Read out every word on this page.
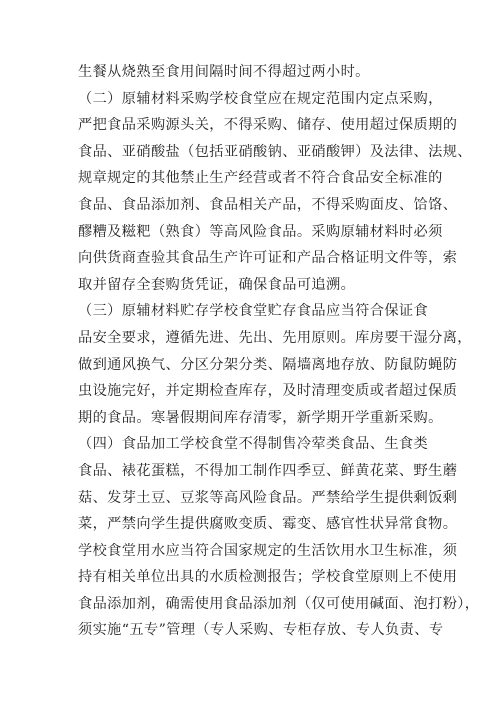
生餐从烧熟至食用间隔时间不得超过两小时。
（二）原辅材料采购学校食堂应在规定范围内定点采购，
严把食品采购源头关，不得采购、储存、使用超过保质期的
食品、亚硝酸盐（包括亚硝酸钠、亚硝酸钾）及法律、法规、
规章规定的其他禁止生产经营或者不符合食品安全标准的
食品、食品添加剂、食品相关产品，不得采购面皮、饸饹、
醪糟及糍粑（熟食）等高风险食品。采购原辅材料时必须
向供货商查验其食品生产许可证和产品合格证明文件等，索
取并留存全套购货凭证，确保食品可追溯。
（三）原辅材料贮存学校食堂贮存食品应当符合保证食
品安全要求，遵循先进、先出、先用原则。库房要干湿分离，
做到通风换气、分区分架分类、隔墙离地存放、防鼠防蝇防
虫设施完好，并定期检查库存，及时清理变质或者超过保质
期的食品。寒暑假期间库存清零，新学期开学重新采购。
（四）食品加工学校食堂不得制售冷荤类食品、生食类
食品、裱花蛋糕，不得加工制作四季豆、鲜黄花菜、野生蘑
菇、发芽土豆、豆浆等高风险食品。严禁给学生提供剩饭剩
菜，严禁向学生提供腐败变质、霉变、感官性状异常食物。
学校食堂用水应当符合国家规定的生活饮用水卫生标准，须
持有相关单位出具的水质检测报告；学校食堂原则上不使用
食品添加剂，确需使用食品添加剂（仅可使用碱面、泡打粉），
须实施“五专”管理（专人采购、专柜存放、专人负责、专
